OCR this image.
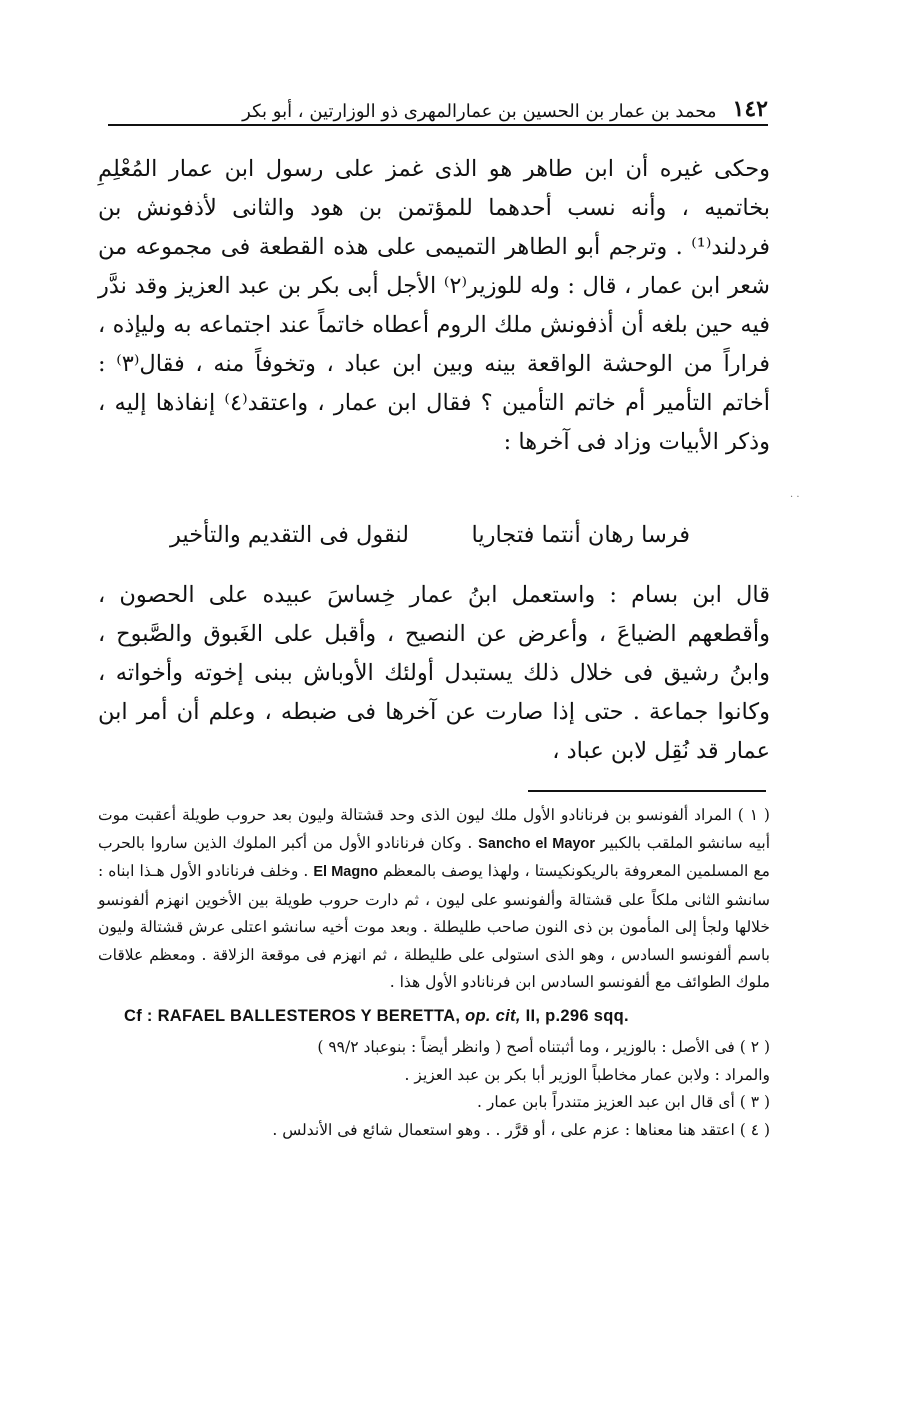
١٤٢
محمد بن عمار بن الحسين بن عمارالمهرى ذو الوزارتين ، أبو بكر

وحكى غيره أن ابن طاهر هو الذى غمز على رسول ابن عمار المُعْلِمِ بخاتميه ، وأنه نسب أحدهما للمؤتمن بن هود والثانى لأذفونش بن فردلند⁽¹⁾ . وترجم أبو الطاهر التميمى على هذه القطعة فى مجموعه من شعر ابن عمار ، قال : وله للوزير⁽٢⁾ الأجل أبى بكر بن عبد العزيز وقد ندَّر فيه حين بلغه أن أذفونش ملك الروم أعطاه خاتماً عند اجتماعه به وليإذه ، فراراً من الوحشة الواقعة بينه وبين ابن عباد ، وتخوفاً منه ، فقال⁽٣⁾ : أخاتم التأمير أم خاتم التأمين ؟ فقال ابن عمار ، واعتقد⁽٤⁾ إنفاذها إليه ، وذكر الأبيات وزاد فى آخرها :

فرسا رهان أنتما فتجاريا
لنقول فى التقديم والتأخير

قال ابن بسام : واستعمل ابنُ عمار خِساسَ عبيده على الحصون ، وأقطعهم الضياعَ ، وأعرض عن النصيح ، وأقبل على الغَبوق والصَّبوح ، وابنُ رشيق فى خلال ذلك يستبدل أولئك الأوباش ببنى إخوته وأخواته ، وكانوا جماعة . حتى إذا صارت عن آخرها فى ضبطه ، وعلم أن أمر ابن عمار قد نُقِل لابن عباد ،

( ١ ) المراد ألفونسو بن فرنانادو الأول ملك ليون الذى وحد قشتالة وليون بعد حروب طويلة أعقبت موت أبيه سانشو الملقب بالكبير Sancho el Mayor . وكان فرنانادو الأول من أكبر الملوك الذين ساروا بالحرب مع المسلمين المعروفة بالريكونكيستا ، ولهذا يوصف بالمعظم El Magno . وخلف فرنانادو الأول هـذا ابناه : سانشو الثانى ملكاً على قشتالة وألفونسو على ليون ، ثم دارت حروب طويلة بين الأخوين انهزم ألفونسو خلالها ولجأ إلى المأمون بن ذى النون صاحب طليطلة . وبعد موت أخيه سانشو اعتلى عرش قشتالة وليون باسم ألفونسو السادس ، وهو الذى استولى على طليطلة ، ثم انهزم فى موقعة الزلاقة . ومعظم علاقات ملوك الطوائف مع ألفونسو السادس ابن فرنانادو الأول هذا .

Cf : RAFAEL BALLESTEROS Y BERETTA, op. cit, II, p.296 sqq.

( ٢ ) فى الأصل : بالوزير ، وما أثبتناه أصح ( وانظر أيضاً : بنوعباد ٩٩/٢ )

والمراد : ولابن عمار مخاطباً الوزير أبا بكر بن عبد العزيز .

( ٣ ) أى قال ابن عبد العزيز متندراً بابن عمار .

( ٤ ) اعتقد هنا معناها : عزم على ، أو قرَّر . . وهو استعمال شائع فى الأندلس .

· ·
